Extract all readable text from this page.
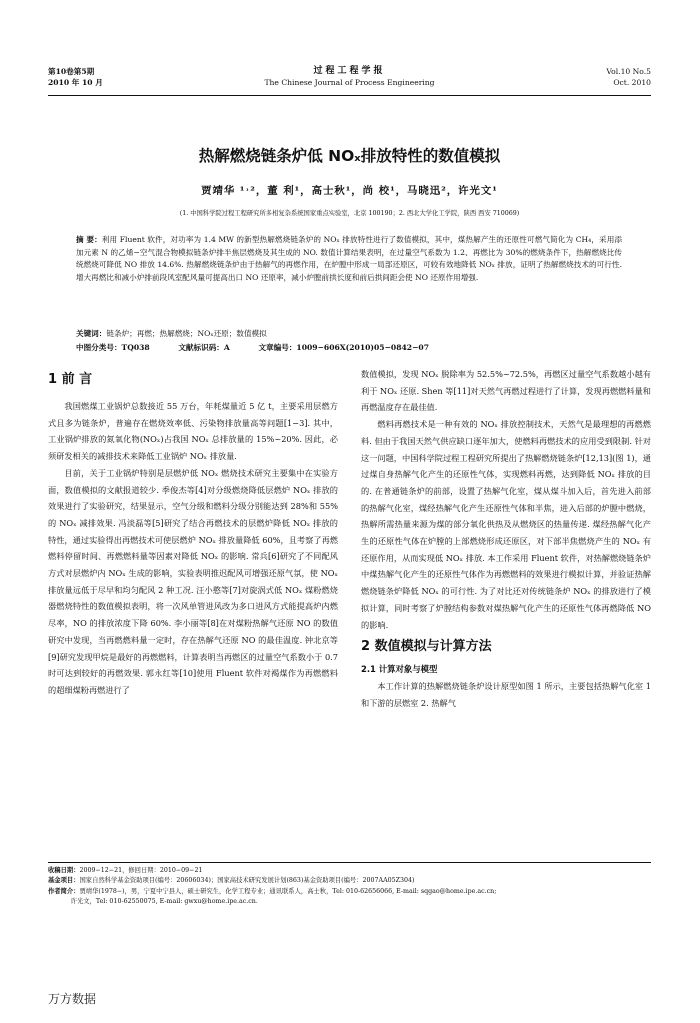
第10卷第5期
2010 年 10 月
过程工程学报
The Chinese Journal of Process Engineering
Vol.10 No.5
Oct. 2010
热解燃烧链条炉低 NOₓ排放特性的数值模拟
贾靖华 ¹˒²，董 利¹，高士秋¹，尚 校¹，马晓迅²，许光文¹
(1. 中国科学院过程工程研究所多相复杂系统国家重点实验室，北京 100190；2. 西北大学化工学院，陕西 西安 710069)
摘 要：利用 Fluent 软件，对功率为 1.4 MW 的新型热解燃烧链条炉的 NOₓ 排放特性进行了数值模拟，其中，煤热解产生的还原性可燃气简化为 CH₄，采用添加元素 N 的乙烯−空气混合物模拟链条炉排半焦层燃烧及其生成的 NO. 数值计算结果表明，在过量空气系数为 1.2、再燃比为 30%的燃烧条件下，热解燃烧比传统燃烧可降低 NO 排放 14.6%. 热解燃烧链条炉由于热解气的再燃作用，在炉膛中形成一局部还原区，可较有效地降低 NOₓ 排放，证明了热解燃烧技术的可行性. 增大再燃比和减小炉排前段风室配风量可提高出口 NO 还原率，减小炉膛前拱长度和前后拱间距会使 NO 还原作用增强.
关键词：链条炉；再燃；热解燃烧；NOₓ还原；数值模拟
中图分类号：TQ038	文献标识码：A	文章编号：1009−606X(2010)05−0842−07
1 前 言

我国燃煤工业锅炉总数接近 55 万台，年耗煤量近 5 亿 t，主要采用层燃方式且多为链条炉，普遍存在燃烧效率低、污染物排放量高等问题[1−3]. 其中，工业锅炉排放的氮氧化物(NOₓ)占我国 NOₓ 总排放量的 15%~20%. 因此，必须研发相关的减排技术来降低工业锅炉 NOₓ 排放量.

目前，关于工业锅炉特别是层燃炉低 NOₓ 燃烧技术研究主要集中在实验方面，数值模拟的文献报道较少. 季俊杰等[4]对分级燃烧降低层燃炉 NOₓ 排放的效果进行了实验研究，结果显示，空气分级和燃料分级分别能达到 28%和 55%的 NOₓ 减排效果. 冯淡磊等[5]研究了结合再燃技术的层燃炉降低 NOₓ 排放的特性，通过实验得出再燃技术可使层燃炉 NOₓ 排放量降低 60%，且考察了再燃燃料停留时间、再燃燃料量等因素对降低 NOₓ 的影响. 常兵[6]研究了不同配风方式对层燃炉内 NOₓ 生成的影响，实验表明推迟配风可增强还原气氛，使 NOₓ 排放量远低于尽早和均匀配风 2 种工况. 汪小憨等[7]对旋涡式低 NOₓ 煤粉燃烧器燃烧特性的数值模拟表明，将一次风单管进风改为多口进风方式能提高炉内燃尽率，NO 的排放浓度下降 60%. 李小丽等[8]在对煤粉热解气还原 NO 的数值研究中发现，当再燃燃料量一定时，存在热解气还原 NO 的最佳温度. 钟北京等[9]研究发现甲烷是最好的再燃燃料，计算表明当再燃区的过量空气系数小于 0.7 时可达到较好的再燃效果. 郭永红等[10]使用 Fluent 软件对褐煤作为再燃燃料的超细煤粉再燃进行了

数值模拟，发现 NOₓ 脱除率为 52.5%~72.5%，再燃区过量空气系数越小越有利于 NOₓ 还原. Shen 等[11]对天然气再燃过程进行了计算，发现再燃燃料量和再燃温度存在最佳值.

燃料再燃技术是一种有效的 NOₓ 排放控制技术，天然气是最理想的再燃燃料. 但由于我国天然气供应缺口逐年加大，使燃料再燃技术的应用受到限制. 针对这一问题，中国科学院过程工程研究所提出了热解燃烧链条炉[12,13](图 1)，通过煤自身热解气化产生的还原性气体，实现燃料再燃，达到降低 NOₓ 排放的目的. 在普通链条炉的前部，设置了热解气化室，煤从煤斗加入后，首先进入前部的热解气化室，煤经热解气化产生还原性气体和半焦，进入后部的炉膛中燃烧，热解所需热量来源为煤的部分氧化供热及从燃烧区的热量传递. 煤经热解气化产生的还原性气体在炉膛的上部燃烧形成还原区，对下部半焦燃烧产生的 NOₓ 有还原作用，从而实现低 NOₓ 排放. 本工作采用 Fluent 软件，对热解燃烧链条炉中煤热解气化产生的还原性气体作为再燃燃料的效果进行模拟计算，并验证热解燃烧链条炉降低 NOₓ 的可行性. 为了对比还对传统链条炉 NOₓ 的排放进行了模拟计算，同时考察了炉膛结构参数对煤热解气化产生的还原性气体再燃降低 NO 的影响.

2 数值模拟与计算方法
2.1 计算对象与模型

本工作计算的热解燃烧链条炉设计原型如图 1 所示，主要包括热解气化室 1 和下游的层燃室 2. 热解气

收稿日期：2009−12−21，修回日期：2010−09−21
基金项目：国家自然科学基金资助项目(编号：20606034)；国家高技术研究发展计划(863)基金资助项目(编号：2007AA05Z304)
作者简介：贾靖华(1978−)，男，宁夏中宁县人，硕士研究生，化学工程专业；通讯联系人，高士秋，Tel: 010-62656066, E-mail: sqgao@home.ipe.ac.cn;
许光文，Tel: 010-62550075, E-mail: gwxu@home.ipe.ac.cn.
万方数据
